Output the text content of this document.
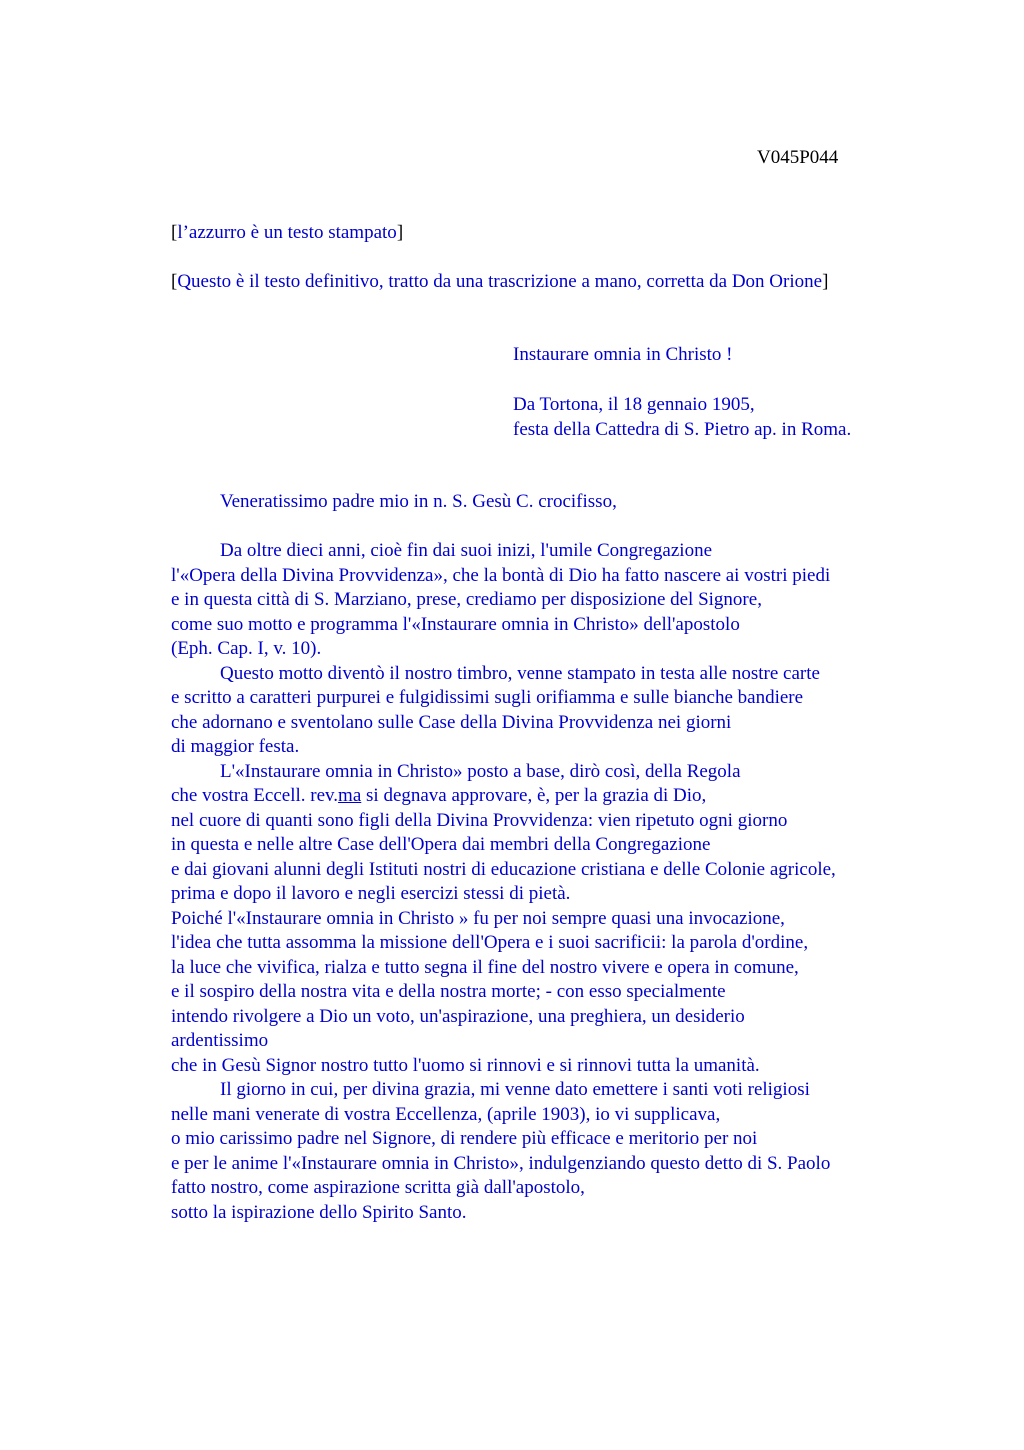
V045P044
[l’azzurro è un testo stampato]
[Questo è il testo definitivo, tratto da una trascrizione a mano, corretta da Don Orione]
Instaurare omnia in Christo !
Da Tortona, il 18 gennaio 1905,
festa della Cattedra di S. Pietro ap. in Roma.
Veneratissimo padre mio in n. S. Gesù C. crocifisso,
Da oltre dieci anni, cioè fin dai suoi inizi, l'umile Congregazione
l'«Opera della Divina Provvidenza», che la bontà di Dio ha fatto nascere ai vostri piedi
e in questa città di S. Marziano, prese, crediamo per disposizione del Signore,
come suo motto e programma l'«Instaurare omnia in Christo» dell'apostolo
(Eph. Cap. I, v. 10).
Questo motto diventò il nostro timbro, venne stampato in testa alle nostre carte
e scritto a caratteri purpurei e fulgidissimi sugli orifiamma e sulle bianche bandiere
che adornano e sventolano sulle Case della Divina Provvidenza nei giorni
di maggior festa.
L'«Instaurare omnia in Christo» posto a base, dirò così, della Regola
che vostra Eccell. rev.ma si degnava approvare, è, per la grazia di Dio,
nel cuore di quanti sono figli della Divina Provvidenza: vien ripetuto ogni giorno
in questa e nelle altre Case dell'Opera dai membri della Congregazione
e dai giovani alunni degli Istituti nostri di educazione cristiana e delle Colonie agricole,
prima e dopo il lavoro e negli esercizi stessi di pietà.
Poiché l'«Instaurare omnia in Christo » fu per noi sempre quasi una invocazione,
l'idea che tutta assomma la missione dell'Opera e i suoi sacrificii: la parola d'ordine,
la luce che vivifica, rialza e tutto segna il fine del nostro vivere e opera in comune,
e il sospiro della nostra vita e della nostra morte; - con esso specialmente
intendo rivolgere a Dio un voto, un'aspirazione, una preghiera, un desiderio
ardentissimo
che in Gesù Signor nostro tutto l'uomo si rinnovi e si rinnovi tutta la umanità.
Il giorno in cui, per divina grazia, mi venne dato emettere i santi voti religiosi
nelle mani venerate di vostra Eccellenza, (aprile 1903), io vi supplicava,
o mio carissimo padre nel Signore, di rendere più efficace e meritorio per noi
e per le anime l'«Instaurare omnia in Christo», indulgenziando questo detto di S. Paolo
fatto nostro, come aspirazione scritta già dall'apostolo,
sotto la ispirazione dello Spirito Santo.
